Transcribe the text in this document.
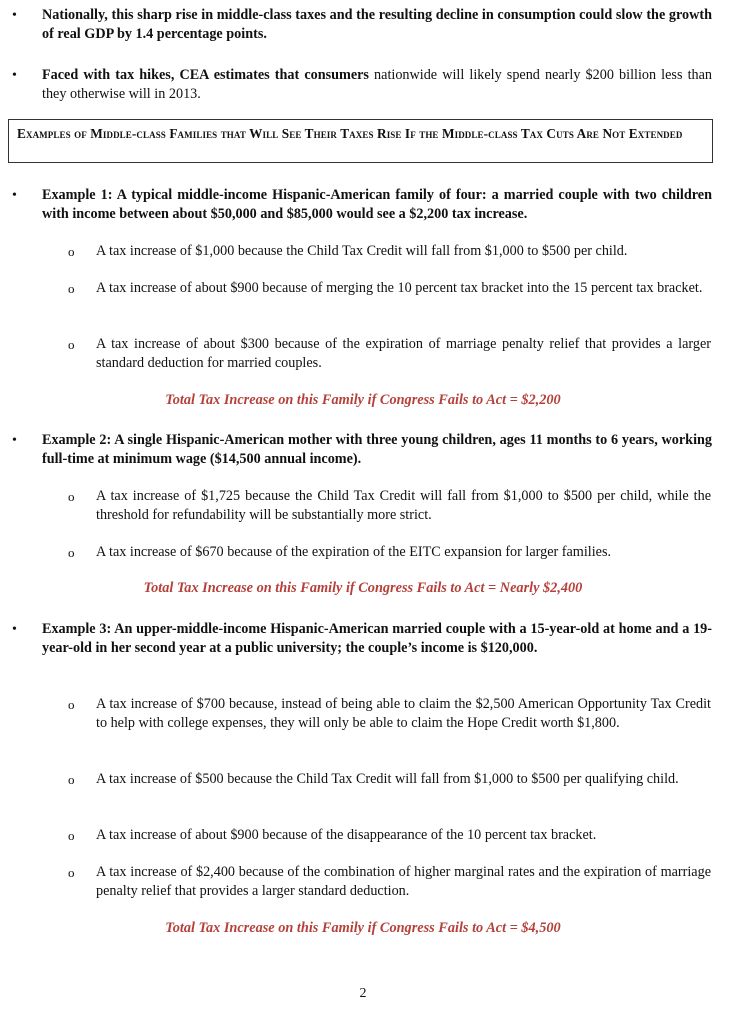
• Nationally, this sharp rise in middle-class taxes and the resulting decline in consumption could slow the growth of real GDP by 1.4 percentage points.
• Faced with tax hikes, CEA estimates that consumers nationwide will likely spend nearly $200 billion less than they otherwise will in 2013.
Examples of Middle-class Families that Will See Their Taxes Rise If the Middle-class Tax Cuts Are Not Extended
• Example 1: A typical middle-income Hispanic-American family of four: a married couple with two children with income between about $50,000 and $85,000 would see a $2,200 tax increase.
o A tax increase of $1,000 because the Child Tax Credit will fall from $1,000 to $500 per child.
o A tax increase of about $900 because of merging the 10 percent tax bracket into the 15 percent tax bracket.
o A tax increase of about $300 because of the expiration of marriage penalty relief that provides a larger standard deduction for married couples.
Total Tax Increase on this Family if Congress Fails to Act = $2,200
• Example 2: A single Hispanic-American mother with three young children, ages 11 months to 6 years, working full-time at minimum wage ($14,500 annual income).
o A tax increase of $1,725 because the Child Tax Credit will fall from $1,000 to $500 per child, while the threshold for refundability will be substantially more strict.
o A tax increase of $670 because of the expiration of the EITC expansion for larger families.
Total Tax Increase on this Family if Congress Fails to Act = Nearly $2,400
• Example 3: An upper-middle-income Hispanic-American married couple with a 15-year-old at home and a 19-year-old in her second year at a public university; the couple’s income is $120,000.
o A tax increase of $700 because, instead of being able to claim the $2,500 American Opportunity Tax Credit to help with college expenses, they will only be able to claim the Hope Credit worth $1,800.
o A tax increase of $500 because the Child Tax Credit will fall from $1,000 to $500 per qualifying child.
o A tax increase of about $900 because of the disappearance of the 10 percent tax bracket.
o A tax increase of $2,400 because of the combination of higher marginal rates and the expiration of marriage penalty relief that provides a larger standard deduction.
Total Tax Increase on this Family if Congress Fails to Act = $4,500
2
